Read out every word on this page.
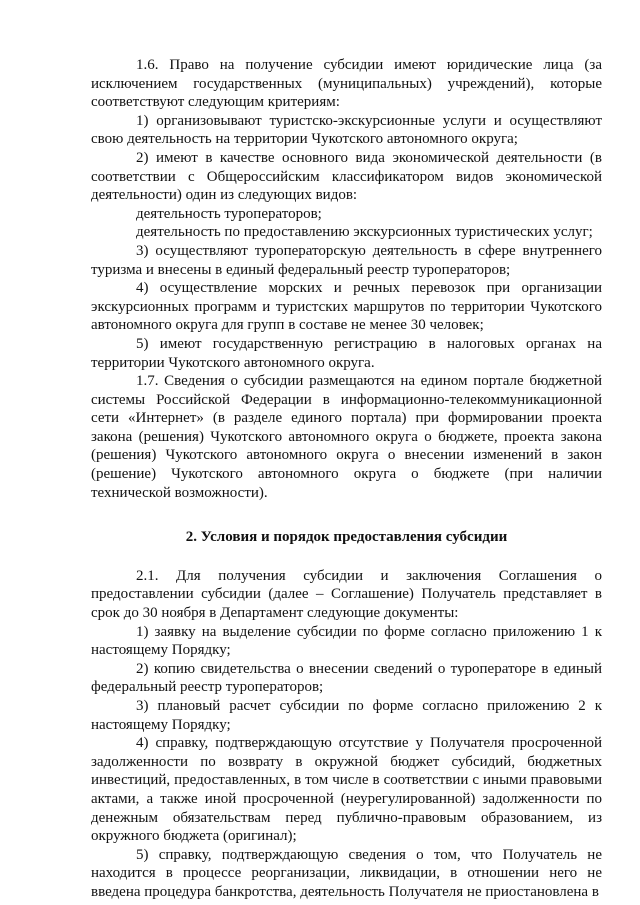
1.6. Право на получение субсидии имеют юридические лица (за исключением государственных (муниципальных) учреждений), которые соответствуют следующим критериям:

1) организовывают туристско-экскурсионные услуги и осуществляют свою деятельность на территории Чукотского автономного округа;

2) имеют в качестве основного вида экономической деятельности (в соответствии с Общероссийским классификатором видов экономической деятельности) один из следующих видов:

деятельность туроператоров;

деятельность по предоставлению экскурсионных туристических услуг;

3) осуществляют туроператорскую деятельность в сфере внутреннего туризма и внесены в единый федеральный реестр туроператоров;

4) осуществление морских и речных перевозок при организации экскурсионных программ и туристских маршрутов по территории Чукотского автономного округа для групп в составе не менее 30 человек;

5) имеют государственную регистрацию в налоговых органах на территории Чукотского автономного округа.

1.7. Сведения о субсидии размещаются на едином портале бюджетной системы Российской Федерации в информационно-телекоммуникационной сети «Интернет» (в разделе единого портала) при формировании проекта закона (решения) Чукотского автономного округа о бюджете, проекта закона (решения) Чукотского автономного округа о внесении изменений в закон (решение) Чукотского автономного округа о бюджете (при наличии технической возможности).

2. Условия и порядок предоставления субсидии

2.1. Для получения субсидии и заключения Соглашения о предоставлении субсидии (далее – Соглашение) Получатель представляет в срок до 30 ноября в Департамент следующие документы:

1) заявку на выделение субсидии по форме согласно приложению 1 к настоящему Порядку;

2) копию свидетельства о внесении сведений о туроператоре в единый федеральный реестр туроператоров;

3) плановый расчет субсидии по форме согласно приложению 2 к настоящему Порядку;

4) справку, подтверждающую отсутствие у Получателя просроченной задолженности по возврату в окружной бюджет субсидий, бюджетных инвестиций, предоставленных, в том числе в соответствии с иными правовыми актами, а также иной просроченной (неурегулированной) задолженности по денежным обязательствам перед публично-правовым образованием, из окружного бюджета (оригинал);

5) справку, подтверждающую сведения о том, что Получатель не находится в процессе реорганизации, ликвидации, в отношении него не введена процедура банкротства, деятельность Получателя не приостановлена в
